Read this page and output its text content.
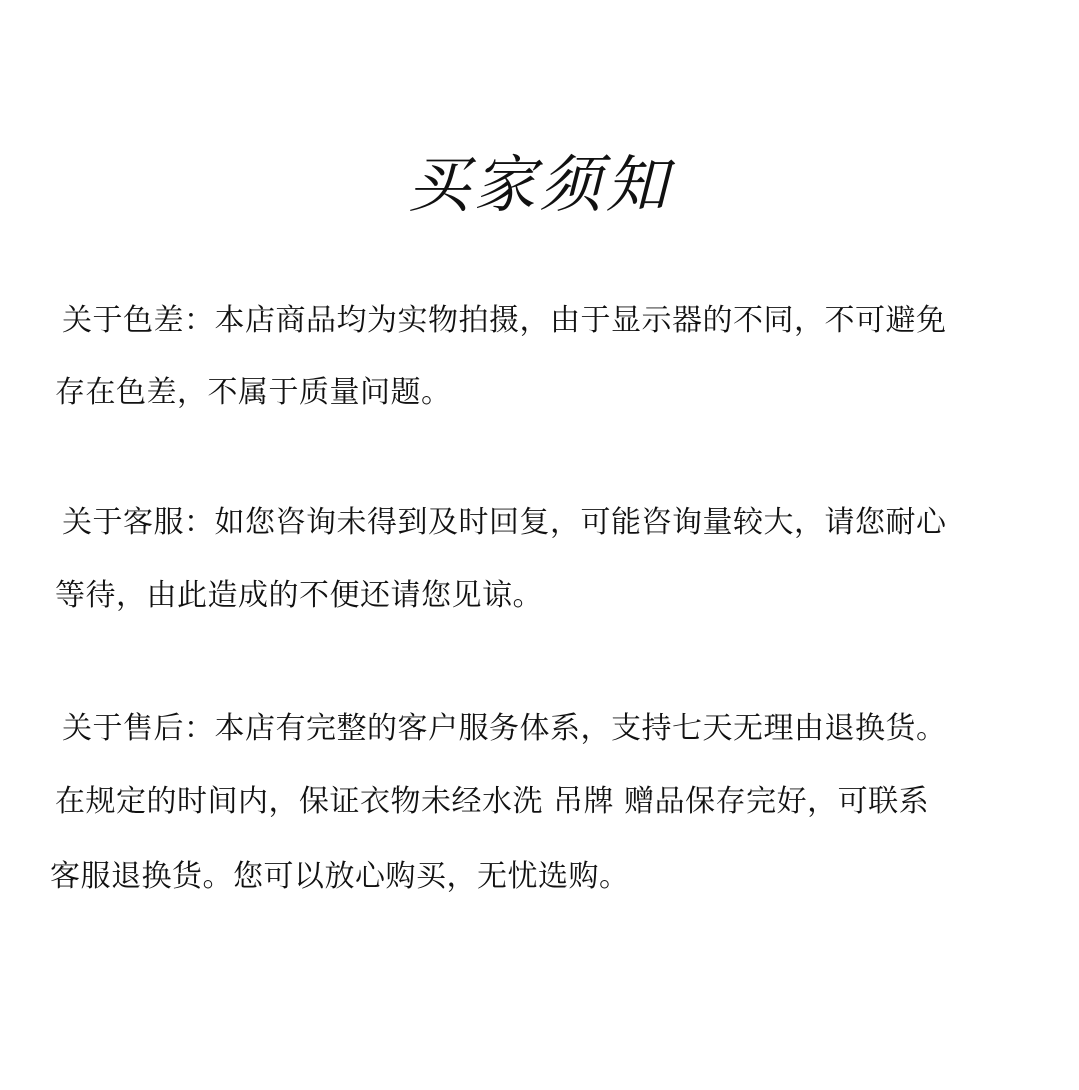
买家须知
关于色差：本店商品均为实物拍摄，由于显示器的不同，不可避免
存在色差，不属于质量问题。
关于客服：如您咨询未得到及时回复，可能咨询量较大，请您耐心
等待，由此造成的不便还请您见谅。
关于售后：本店有完整的客户服务体系，支持七天无理由退换货。
在规定的时间内，保证衣物未经水洗 吊牌 赠品保存完好，可联系
客服退换货。您可以放心购买，无忧选购。
